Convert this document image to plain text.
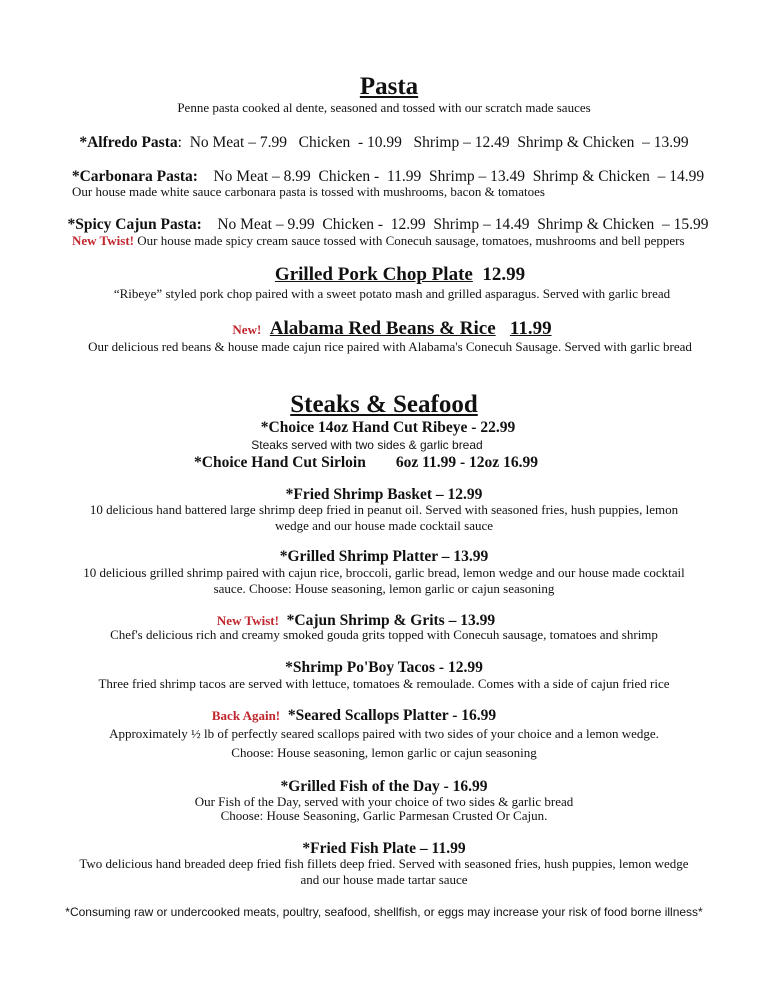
Pasta
Penne pasta cooked al dente, seasoned and tossed with our scratch made sauces
*Alfredo Pasta: No Meat – 7.99   Chicken  - 10.99   Shrimp – 12.49  Shrimp & Chicken  – 13.99
*Carbonara Pasta: No Meat – 8.99  Chicken -  11.99  Shrimp – 13.49  Shrimp & Chicken  – 14.99
Our house made white sauce carbonara pasta is tossed with mushrooms, bacon & tomatoes
*Spicy Cajun Pasta: No Meat – 9.99  Chicken -  12.99  Shrimp – 14.49  Shrimp & Chicken  – 15.99
New Twist! Our house made spicy cream sauce tossed with Conecuh sausage, tomatoes, mushrooms and bell peppers
Grilled Pork Chop Plate 12.99
“Ribeye” styled pork chop paired with a sweet potato mash and grilled asparagus. Served with garlic bread
New! Alabama Red Beans & Rice 11.99
Our delicious red beans & house made cajun rice paired with Alabama's Conecuh Sausage. Served with garlic bread
Steaks & Seafood
*Choice 14oz Hand Cut Ribeye - 22.99
Steaks served with two sides & garlic bread
*Choice Hand Cut Sirloin 6oz 11.99 - 12oz 16.99
*Fried Shrimp Basket – 12.99
10 delicious hand battered large shrimp deep fried in peanut oil. Served with seasoned fries, hush puppies, lemon
wedge and our house made cocktail sauce
*Grilled Shrimp Platter – 13.99
10 delicious grilled shrimp paired with cajun rice, broccoli, garlic bread, lemon wedge and our house made cocktail
sauce. Choose: House seasoning, lemon garlic or cajun seasoning
New Twist! *Cajun Shrimp & Grits – 13.99
Chef's delicious rich and creamy smoked gouda grits topped with Conecuh sausage, tomatoes and shrimp
*Shrimp Po'Boy Tacos - 12.99
Three fried shrimp tacos are served with lettuce, tomatoes & remoulade. Comes with a side of cajun fried rice
Back Again! *Seared Scallops Platter - 16.99
Approximately ½ lb of perfectly seared scallops paired with two sides of your choice and a lemon wedge.
Choose: House seasoning, lemon garlic or cajun seasoning
*Grilled Fish of the Day - 16.99
Our Fish of the Day, served with your choice of two sides & garlic bread
Choose: House Seasoning, Garlic Parmesan Crusted Or Cajun.
*Fried Fish Plate – 11.99
Two delicious hand breaded deep fried fish fillets deep fried. Served with seasoned fries, hush puppies, lemon wedge
and our house made tartar sauce
*Consuming raw or undercooked meats, poultry, seafood, shellfish, or eggs may increase your risk of food borne illness*
